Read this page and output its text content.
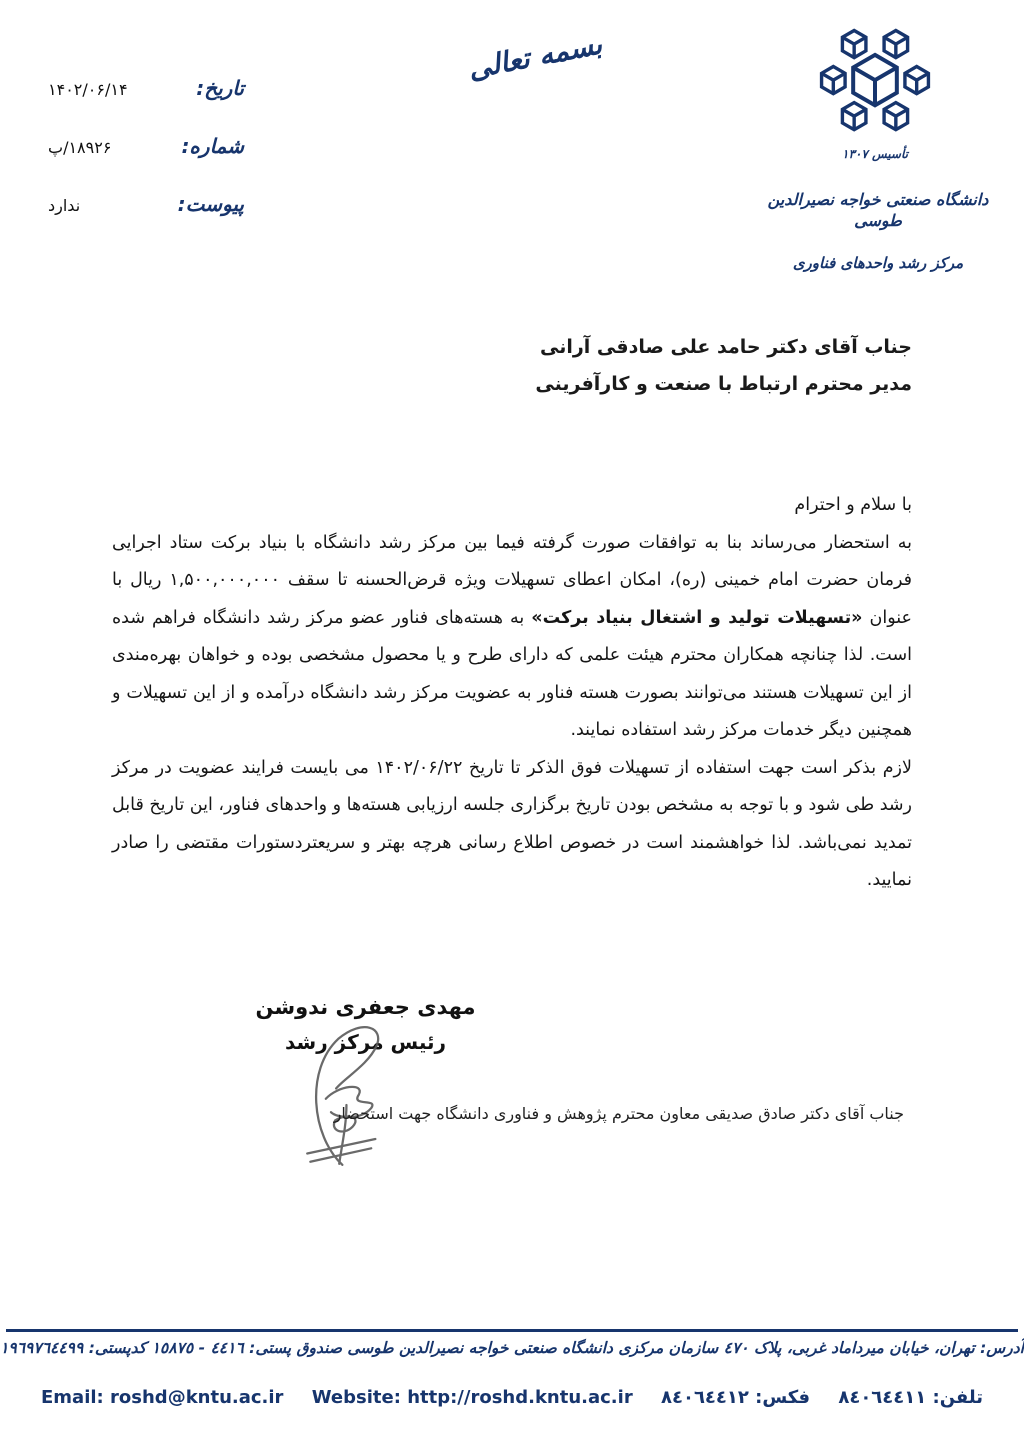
بسمه تعالی
تأسیس ۱۳۰۷
دانشگاه صنعتی خواجه نصیرالدین طوسی
مرکز رشد واحدهای فناوری
تاریخ:
۱۴۰۲/۰۶/۱۴
شماره:
۱۸۹۲۶/پ
پیوست:
ندارد
جناب آقای دکتر حامد علی صادقی آرانی
مدیر محترم ارتباط با صنعت و کارآفرینی

با سلام و احترام

به استحضار می‌رساند بنا به توافقات صورت گرفته فیما بین مرکز رشد دانشگاه با بنیاد برکت ستاد اجرایی فرمان حضرت امام خمینی (ره)، امکان اعطای تسهیلات ویژه قرض‌الحسنه تا سقف ۱,۵۰۰,۰۰۰,۰۰۰ ریال با عنوان «تسهیلات تولید و اشتغال بنیاد برکت» به هسته‌های فناور عضو مرکز رشد دانشگاه فراهم شده است. لذا چنانچه همکاران محترم هیئت علمی که دارای طرح و یا محصول مشخصی بوده و خواهان بهره‌مندی از این تسهیلات هستند می‌توانند بصورت هسته فناور به عضویت مرکز رشد دانشگاه درآمده و از این تسهیلات و همچنین دیگر خدمات مرکز رشد استفاده نمایند.

لازم بذکر است جهت استفاده از تسهیلات فوق الذکر تا تاریخ ۱۴۰۲/۰۶/۲۲ می بایست فرایند عضویت در مرکز رشد طی شود و با توجه به مشخص بودن تاریخ برگزاری جلسه ارزیابی هسته‌ها و واحدهای فناور، این تاریخ قابل تمدید نمی‌باشد. لذا خواهشمند است در خصوص اطلاع رسانی هرچه بهتر و سریعتردستورات مقتضی را صادر نمایید.

مهدی جعفری ندوشن
رئیس مرکز رشد
جناب آقای دکتر صادق صدیقی معاون محترم پژوهش و فناوری دانشگاه جهت استحضار
آدرس: تهران، خیابان میرداماد غربی، پلاک ٤٧٠ سازمان مرکزی دانشگاه صنعتی خواجه نصیرالدین طوسی صندوق پستی: ٤٤١٦ - ١٥٨٧٥ کدپستی: ١٩٦٩٧٦٤٤٩٩
تلفن: ٨٤٠٦٤٤١١ فکس: ٨٤٠٦٤٤١٢ Website: http://roshd.kntu.ac.ir Email: roshd@kntu.ac.ir
